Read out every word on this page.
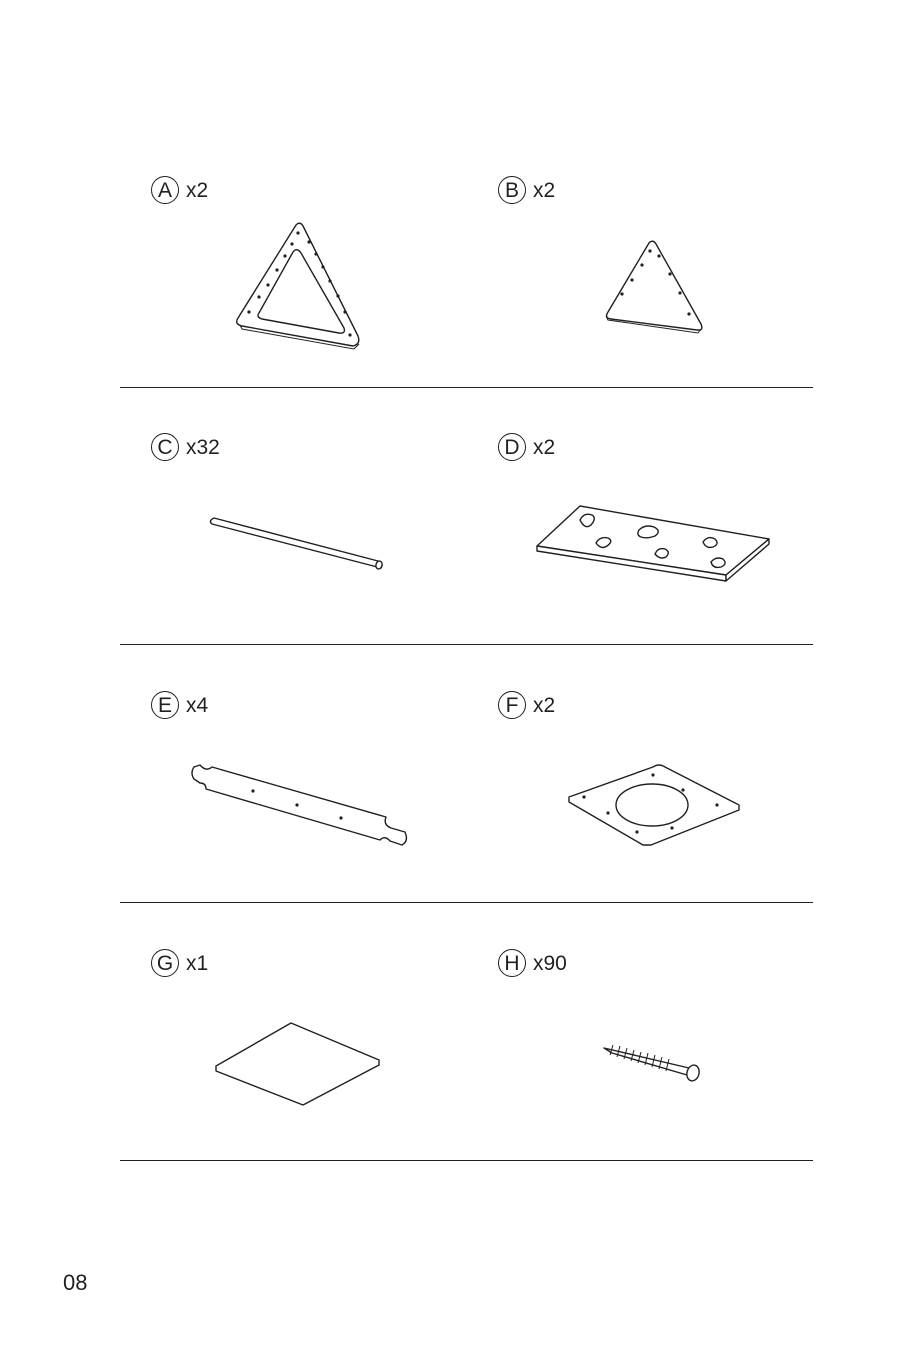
A x2	B x2
C x32	D x2
E x4	F x2
G x1	H x90
08
